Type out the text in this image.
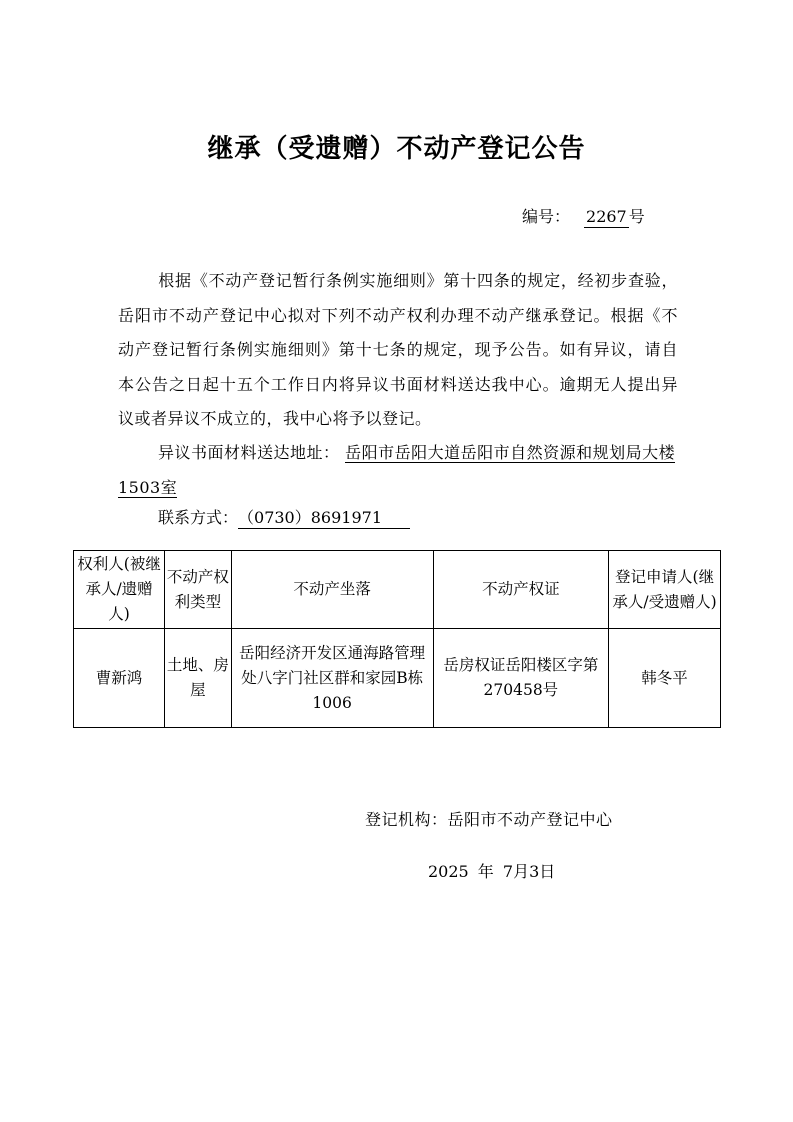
继承（受遗赠）不动产登记公告
编号： 2267 号
根据《不动产登记暂行条例实施细则》第十四条的规定，经初步查验，岳阳市不动产登记中心拟对下列不动产权利办理不动产继承登记。根据《不动产登记暂行条例实施细则》第十七条的规定，现予公告。如有异议，请自本公告之日起十五个工作日内将异议书面材料送达我中心。逾期无人提出异议或者异议不成立的，我中心将予以登记。
异议书面材料送达地址： 岳阳市岳阳大道岳阳市自然资源和规划局大楼1503室
联系方式：（0730）8691971
权利人(被继承人/遗赠人)	不动产权利类型	不动产坐落	不动产权证	登记申请人(继承人/受遗赠人)
曹新鸿	土地、房屋	岳阳经济开发区通海路管理处八字门社区群和家园B栋1006	岳房权证岳阳楼区字第270458号	韩冬平
登记机构：岳阳市不动产登记中心
2025 年 7月3日
